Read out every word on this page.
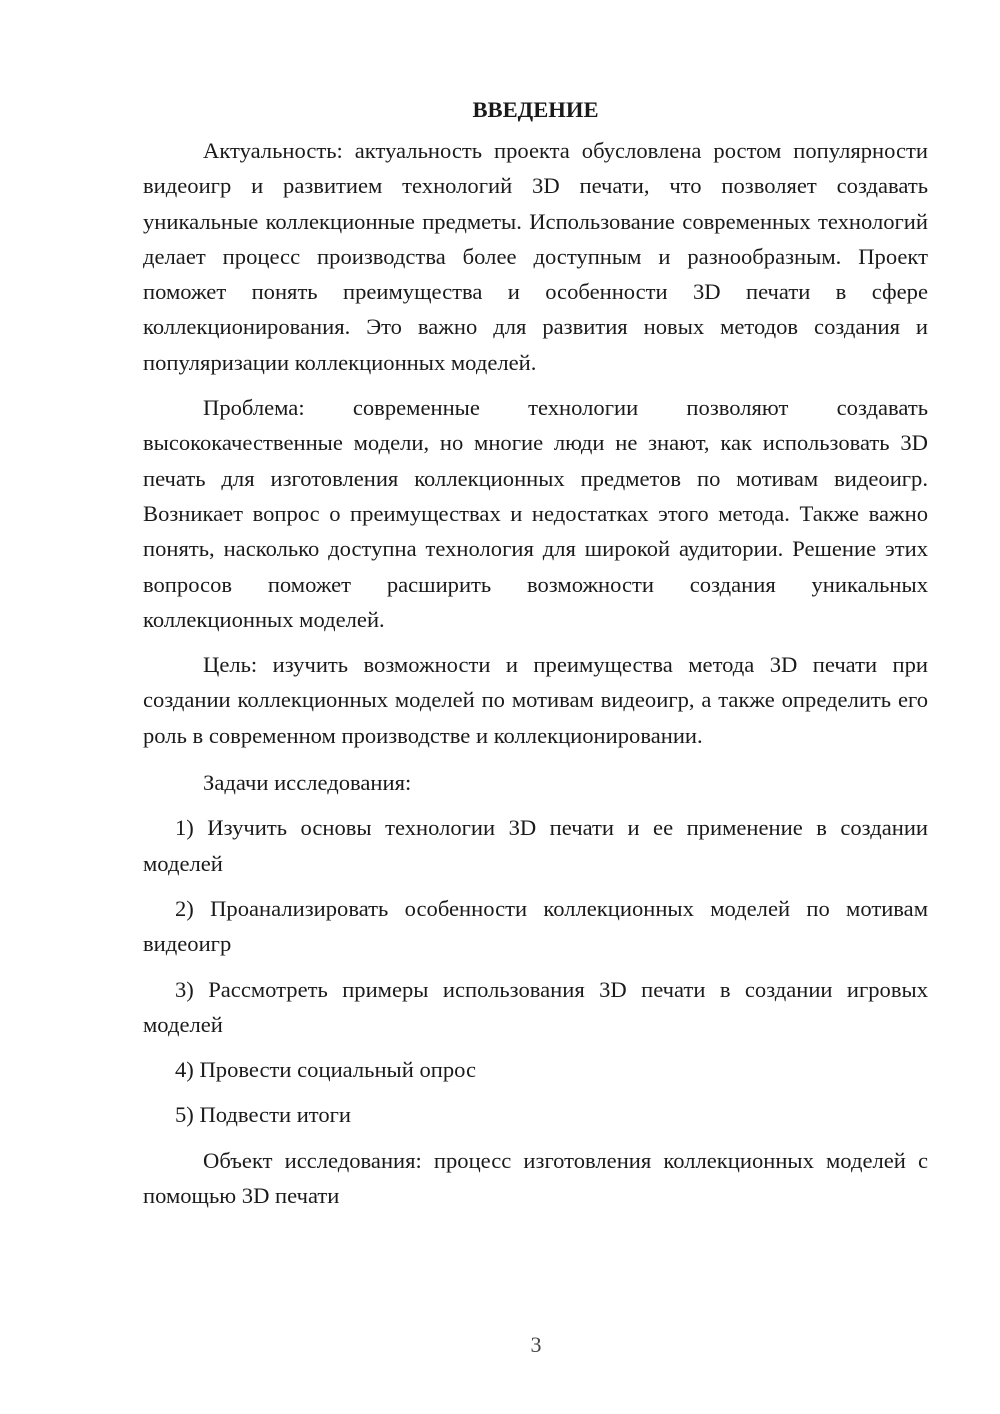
ВВЕДЕНИЕ

Актуальность: актуальность проекта обусловлена ростом популярности видеоигр и развитием технологий 3D печати, что позволяет создавать уникальные коллекционные предметы. Использование современных технологий делает процесс производства более доступным и разнообразным. Проект поможет понять преимущества и особенности 3D печати в сфере коллекционирования. Это важно для развития новых методов создания и популяризации коллекционных моделей.

Проблема: современные технологии позволяют создавать высококачественные модели, но многие люди не знают, как использовать 3D печать для изготовления коллекционных предметов по мотивам видеоигр. Возникает вопрос о преимуществах и недостатках этого метода. Также важно понять, насколько доступна технология для широкой аудитории. Решение этих вопросов поможет расширить возможности создания уникальных коллекционных моделей.

Цель: изучить возможности и преимущества метода 3D печати при создании коллекционных моделей по мотивам видеоигр, а также определить его роль в современном производстве и коллекционировании.

Задачи исследования:

1) Изучить основы технологии 3D печати и ее применение в создании моделей

2) Проанализировать особенности коллекционных моделей по мотивам видеоигр

3) Рассмотреть примеры использования 3D печати в создании игровых моделей

4) Провести социальный опрос

5) Подвести итоги

Объект исследования: процесс изготовления коллекционных моделей с помощью 3D печати

3
